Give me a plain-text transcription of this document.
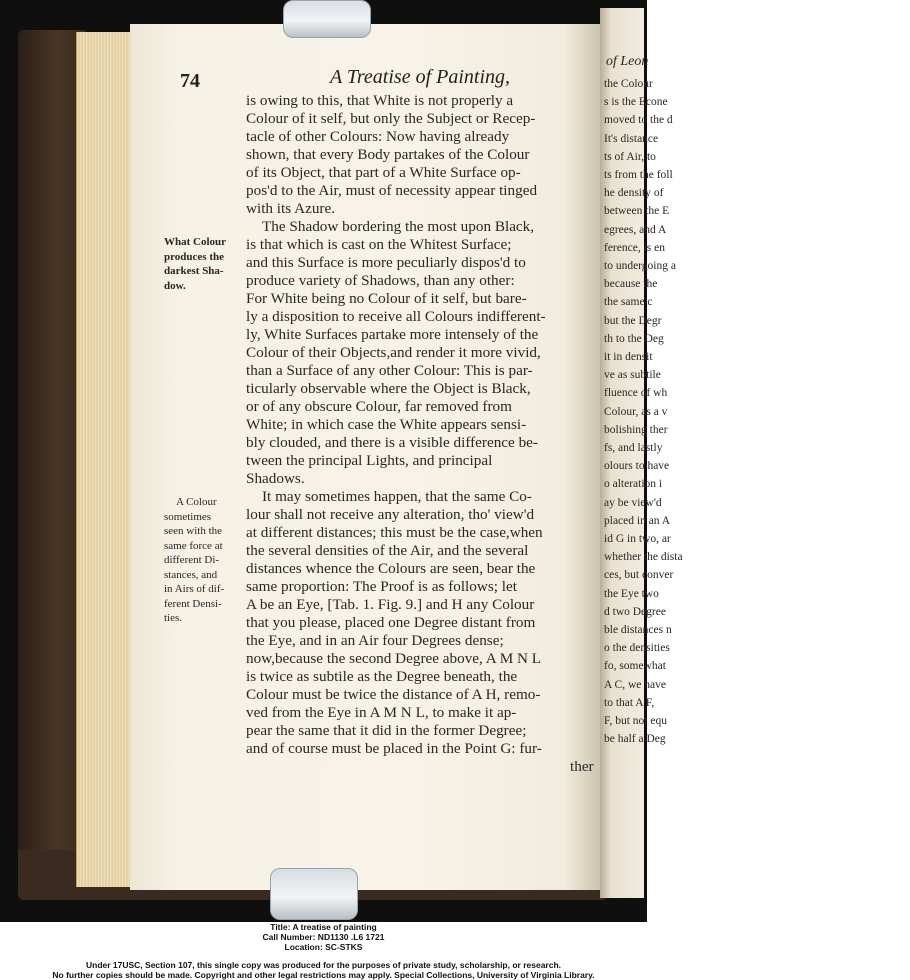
74	A Treatise of Painting,
of Leon
is owing to this, that White is not properly a
Colour of it self, but only the Subject or Recep-
tacle of other Colours: Now having already
shown, that every Body partakes of the Colour
of its Object, that part of a White Surface op-
pos'd to the Air, must of necessity appear tinged
with its Azure.
The Shadow bordering the most upon Black,
is that which is cast on the Whitest Surface;
and this Surface is more peculiarly dispos'd to
produce variety of Shadows, than any other:
For White being no Colour of it self, but bare-
ly a disposition to receive all Colours indifferent-
ly, White Surfaces partake more intensely of the
Colour of their Objects,and render it more vivid,
than a Surface of any other Colour: This is par-
ticularly observable where the Object is Black,
or of any obscure Colour, far removed from
White; in which case the White appears sensi-
bly clouded, and there is a visible difference be-
tween the principal Lights, and principal
Shadows.
It may sometimes happen, that the same Co-
lour shall not receive any alteration, tho' view'd
at different distances; this must be the case,when
the several densities of the Air, and the several
distances whence the Colours are seen, bear the
same proportion: The Proof is as follows; let
A be an Eye, [Tab. 1. Fig. 9.] and H any Colour
that you please, placed one Degree distant from
the Eye, and in an Air four Degrees dense;
now,because the second Degree above, A M N L
is twice as subtile as the Degree beneath, the
Colour must be twice the distance of A H, remo-
ved from the Eye in A M N L, to make it ap-
pear the same that it did in the former Degree;
and of course must be placed in the Point G: fur-
ther
What Colour
produces the
darkest Sha-
dow.
A Colour
sometimes
seen with the
same force at
different Di-
stances, and
in Airs of dif-
ferent Densi-
ties.
the Colour
s is the Econe
moved to the d
It's distance
ts of Air, to
ts from the foll
he density of
between the E
egrees, and A
ference, is en
to undergoing a
because the
the same c
but the Degr
th to the Deg
it in densit
ve as subtile
fluence of wh
Colour, as a v
bolishing ther
fs, and lastly
olours to have
o alteration i
ay be view'd
placed in an A
id G in two, ar
whether the dista
ces, but conver
the Eye two
d two Degree
ble distances n
o the densities
fo, somewhat
A C, we have
to that A F,
F, but not equ
be half a Deg
Title: A treatise of painting
Call Number: ND1130 .L6 1721
Location: SC-STKS
Under 17USC, Section 107, this single copy was produced for the purposes of private study, scholarship, or research.
No further copies should be made. Copyright and other legal restrictions may apply. Special Collections, University of Virginia Library.
